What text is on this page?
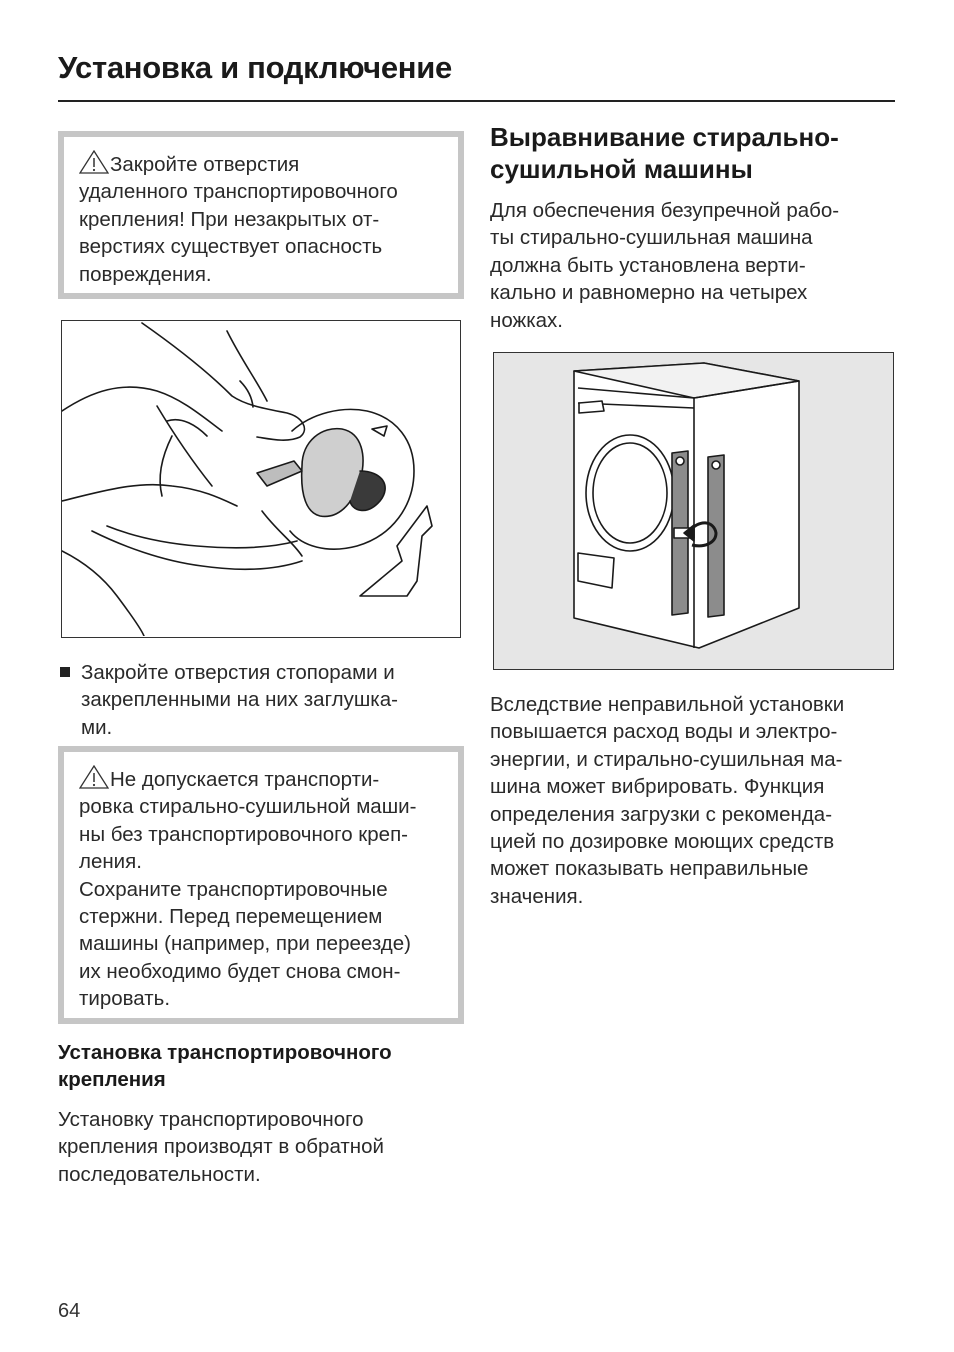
Установка и подключение
Закройте отверстия
удаленного транспортировочного
крепления! При незакрытых от-
верстиях существует опасность
повреждения.
Закройте отверстия стопорами и
закрепленными на них заглушка-
ми.
Не допускается транспорти-
ровка стирально-сушильной маши-
ны без транспортировочного креп-
ления.
Сохраните транспортировочные
стержни. Перед перемещением
машины (например, при переезде)
их необходимо будет снова смон-
тировать.
Установка транспортировочного
крепления
Установку транспортировочного
крепления производят в обратной
последовательности.
Выравнивание стирально-
сушильной машины
Для обеспечения безупречной рабо-
ты стирально-сушильная машина
должна быть установлена верти-
кально и равномерно на четырех
ножках.
Вследствие неправильной установки
повышается расход воды и электро-
энергии, и стирально-сушильная ма-
шина может вибрировать. Функция
определения загрузки с рекоменда-
цией по дозировке моющих средств
может показывать неправильные
значения.
64
